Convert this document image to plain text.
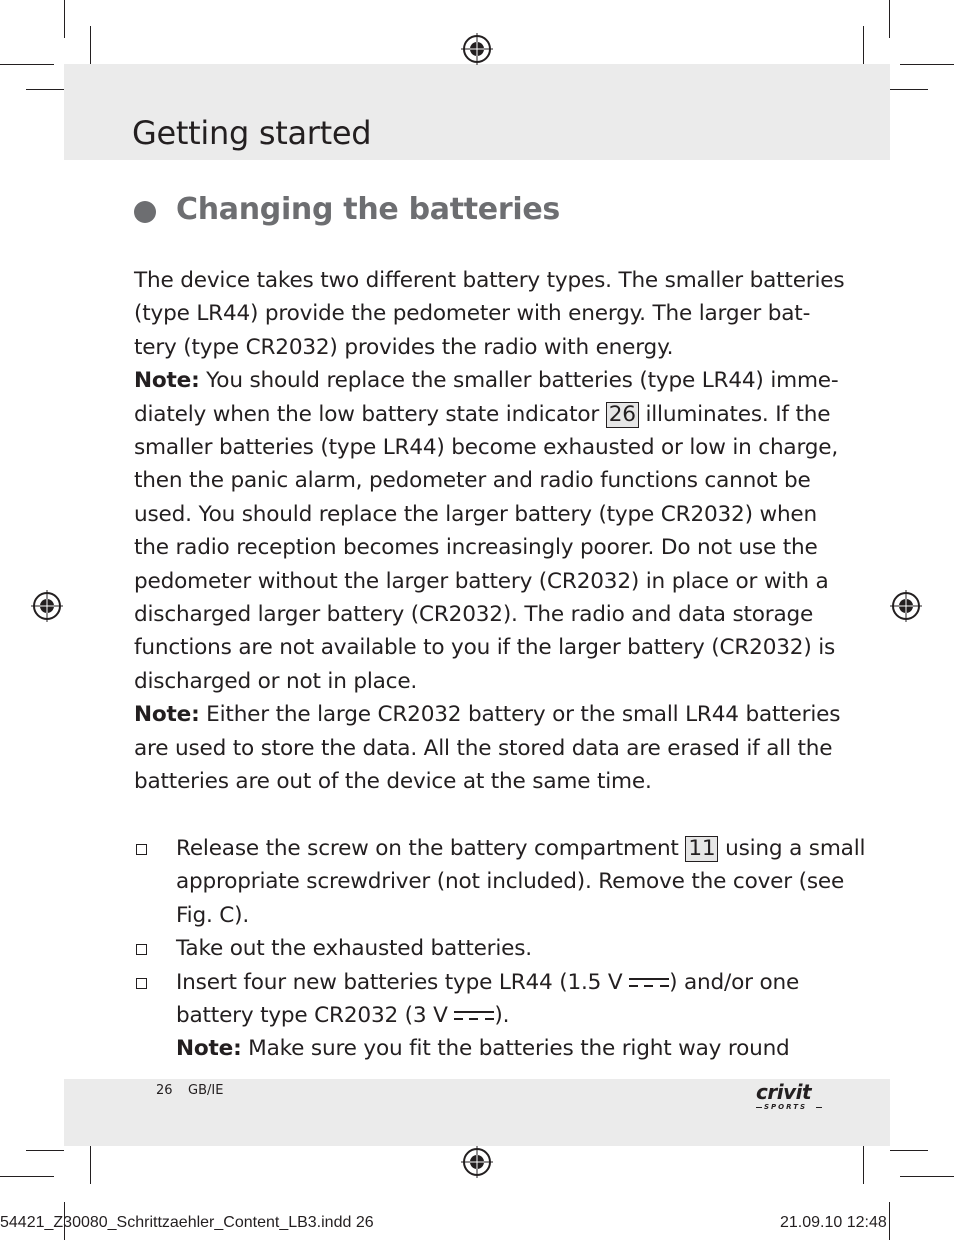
Getting started
Changing the batteries
The device takes two different battery types. The smaller batteries
(type LR44) provide the pedometer with energy. The larger bat-
tery (type CR2032) provides the radio with energy.
Note: You should replace the smaller batteries (type LR44) imme-
diately when the low battery state indicator 26 illuminates. If the
smaller batteries (type LR44) become exhausted or low in charge,
then the panic alarm, pedometer and radio functions cannot be
used. You should replace the larger battery (type CR2032) when
the radio reception becomes increasingly poorer. Do not use the
pedometer without the larger battery (CR2032) in place or with a
discharged larger battery (CR2032). The radio and data storage
functions are not available to you if the larger battery (CR2032) is
discharged or not in place.
Note: Either the large CR2032 battery or the small LR44 batteries
are used to store the data. All the stored data are erased if all the
batteries are out of the device at the same time.
Release the screw on the battery compartment 11 using a small
appropriate screwdriver (not included). Remove the cover (see
Fig. C).
Take out the exhausted batteries.
Insert four new batteries type LR44 (1.5 V
) and/or one
battery type CR2032 (3 V
).
Note: Make sure you fit the batteries the right way round
26 GB/IE	crivit
SPORTS
54421_Z30080_Schrittzaehler_Content_LB3.indd 26	21.09.10 12:48
